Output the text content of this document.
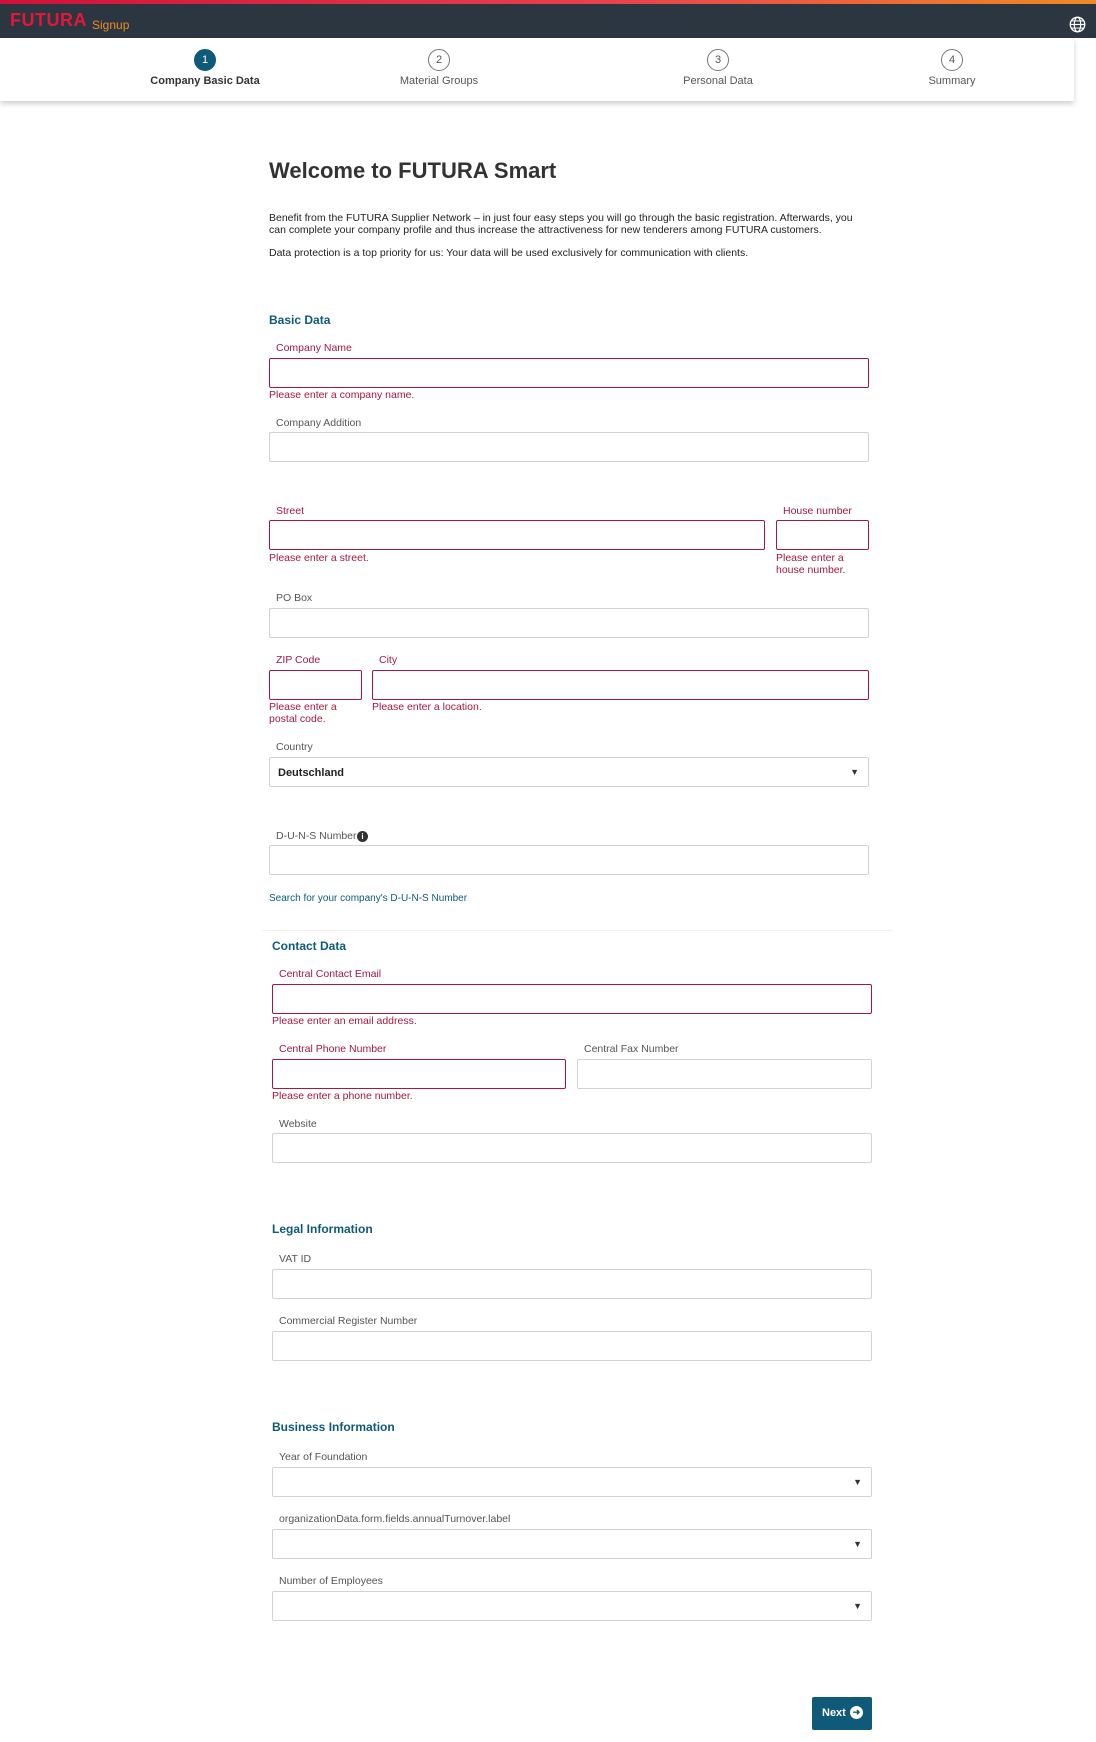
FUTURA Signup
1
Company Basic Data
2
Material Groups
3
Personal Data
4
Summary
Welcome to FUTURA Smart

Benefit from the FUTURA Supplier Network – in just four easy steps you will go through the basic registration. Afterwards, you can complete your company profile and thus increase the attractiveness for new tenderers among FUTURA customers.

Data protection is a top priority for us: Your data will be used exclusively for communication with clients.

Basic Data
Company Name
Please enter a company name.
Company Addition
Street
Please enter a street.
House number
Please enter a house number.
PO Box
ZIP Code
Please enter a postal code.
City
Please enter a location.
Country
Deutschland	▼
D-U-N-S Number i
Search for your company's D-U-N-S Number
Contact Data
Central Contact Email
Please enter an email address.
Central Phone Number
Please enter a phone number.
Central Fax Number
Website
Legal Information
VAT ID
Commercial Register Number
Business Information
Year of Foundation
▼
organizationData.form.fields.annualTurnover.label
▼
Number of Employees
▼
Next ➜
